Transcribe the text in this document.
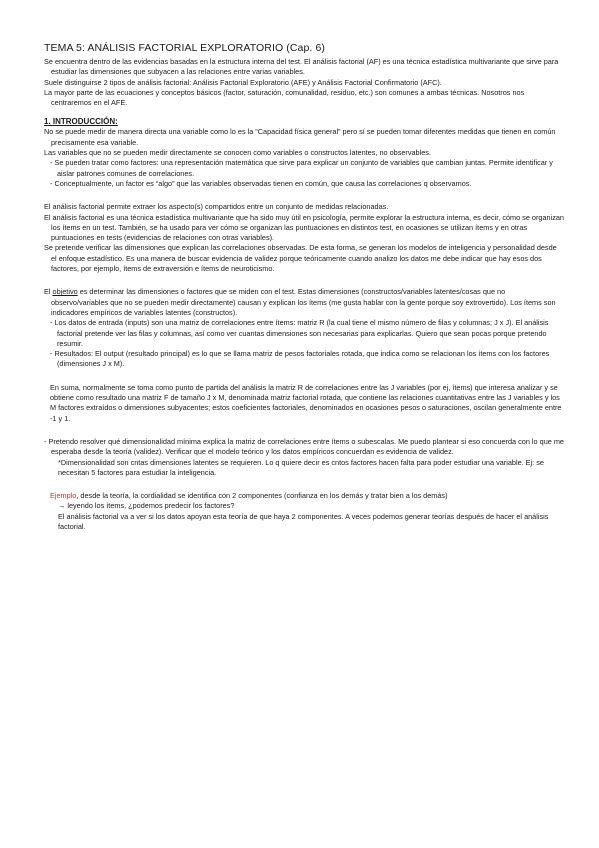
TEMA 5: ANÁLISIS FACTORIAL EXPLORATORIO (Cap. 6)

Se encuentra dentro de las evidencias basadas en la estructura interna del test. El análisis factorial (AF) es una técnica estadística multivariante que sirve para estudiar las dimensiones que subyacen a las relaciones entre varias variables.

Suele distinguirse 2 tipos de análisis factorial: Análisis Factorial Exploratorio (AFE) y Análisis Factorial Confirmatorio (AFC).

La mayor parte de las ecuaciones y conceptos básicos (factor, saturación, comunalidad, residuo, etc.) son comunes a ambas técnicas. Nosotros nos centraremos en el AFE.

1. INTRODUCCIÓN:

No se puede medir de manera directa una variable como lo es la “Capacidad física general” pero sí se pueden tomar diferentes medidas que tienen en común precisamente esa variable.

Las variables que no se pueden medir directamente se conocen como variables o constructos latentes, no observables.

- Se pueden tratar como factores: una representación matemática que sirve para explicar un conjunto de variables que cambian juntas. Permite identificar y aislar patrones comunes de correlaciones.

- Conceptualmente, un factor es “algo” que las variables observadas tienen en común, que causa las correlaciones q observamos.

El análisis factorial permite extraer los aspecto(s) compartidos entre un conjunto de medidas relacionadas.

El análisis factorial es una técnica estadística multivariante que ha sido muy útil en psicología, permite explorar la estructura interna, es decir, cómo se organizan los ítems en un test. También, se ha usado para ver cómo se organizan las puntuaciones en distintos test, en ocasiones se utilizan ítems y en otras puntuaciones en tests (evidencias de relaciones con otras variables).

Se pretende verificar las dimensiones que explican las correlaciones observadas. De esta forma, se generan los modelos de inteligencia y personalidad desde el enfoque estadístico. Es una manera de buscar evidencia de validez porque teóricamente cuando analizo los datos me debe indicar que hay esos dos factores, por ejemplo, ítems de extraversión e ítems de neuroticismo.

El objetivo es determinar las dimensiones o factores que se miden con el test. Estas dimensiones (constructos/variables latentes/cosas que no observo/variables que no se pueden medir directamente) causan y explican los ítems (me gusta hablar con la gente porque soy extrovertido). Los ítems son indicadores empíricos de variables latentes (constructos).

- Los datos de entrada (inputs) son una matriz de correlaciones entre ítems: matriz R (la cual tiene el mismo número de filas y columnas; J x J). El análisis factorial pretende ver las filas y columnas, así como ver cuantas dimensiones son necesarias para explicarlas. Quiero que sean pocas porque pretendo resumir.

- Resultados: El output (resultado principal) es lo que se llama matriz de pesos factoriales rotada, que indica como se relacionan los ítems con los factores (dimensiones J x M).

En suma, normalmente se toma como punto de partida del análisis la matriz R de correlaciones entre las J variables (por ej, ítems) que interesa analizar y se obtiene como resultado una matriz F de tamaño J x M, denominada matriz factorial rotada, que contiene las relaciones cuantitativas entre las J variables y los M factores extraídos o dimensiones subyacentes; estos coeficientes factoriales, denominados en ocasiones pesos o saturaciones, oscilan generalmente entre -1 y 1.

- Pretendo resolver qué dimensionalidad mínima explica la matriz de correlaciones entre ítems o subescalas. Me puedo plantear si eso concuerda con lo que me esperaba desde la teoría (validez). Verificar que el modelo teórico y los datos empíricos concuerdan es evidencia de validez.

*Dimensionalidad son cntas dimensiones latentes se requieren. Lo q quiere decir es cntos factores hacen falta para poder estudiar una variable. Ej: se necesitan 5 factores para estudiar la inteligencia.

Ejemplo, desde la teoría, la cordialidad se identifica con 2 componentes (confianza en los demás y tratar bien a los demás)

→ leyendo los ítems, ¿podemos predecir los factores?

El análisis factorial va a ver si los datos apoyan esta teoría de que haya 2 componentes. A veces podemos generar teorías después de hacer el análisis factorial.
